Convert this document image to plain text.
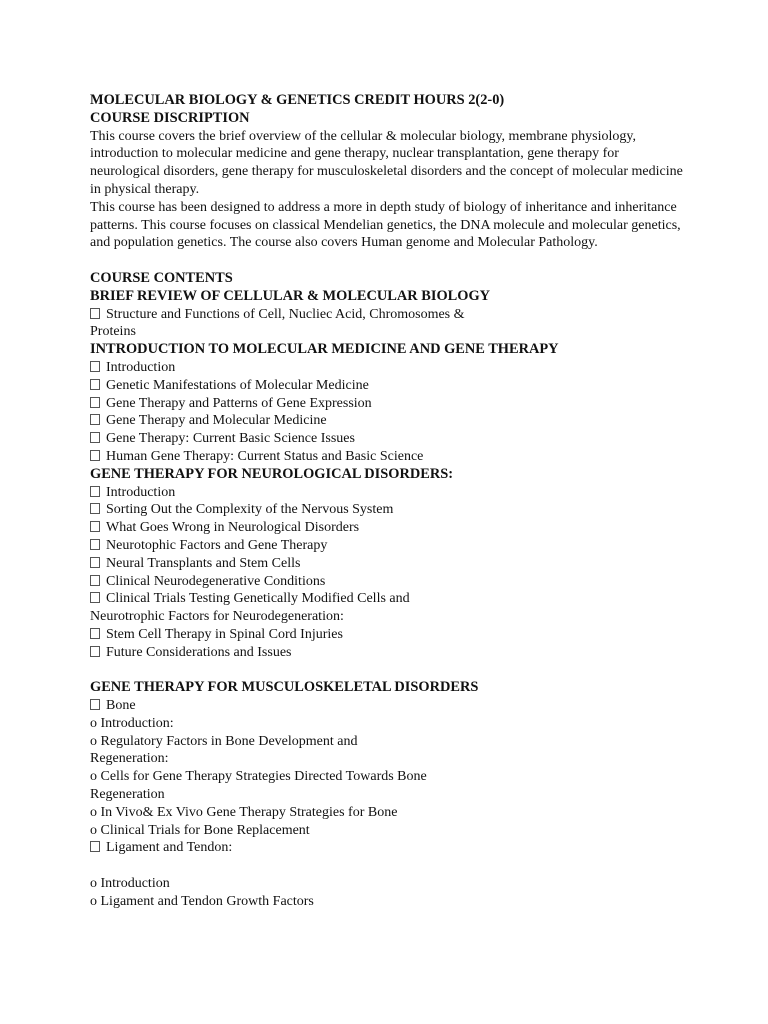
MOLECULAR BIOLOGY & GENETICS CREDIT HOURS 2(2-0)
COURSE DISCRIPTION
This course covers the brief overview of the cellular & molecular biology, membrane physiology, introduction to molecular medicine and gene therapy, nuclear transplantation, gene therapy for neurological disorders, gene therapy for musculoskeletal disorders and the concept of molecular medicine in physical therapy.
This course has been designed to address a more in depth study of biology of inheritance and inheritance patterns. This course focuses on classical Mendelian genetics, the DNA molecule and molecular genetics, and population genetics. The course also covers Human genome and Molecular Pathology.
COURSE CONTENTS
BRIEF REVIEW OF CELLULAR & MOLECULAR BIOLOGY
Structure and Functions of Cell, Nucliec Acid, Chromosomes &
Proteins
INTRODUCTION TO MOLECULAR MEDICINE AND GENE THERAPY
Introduction
Genetic Manifestations of Molecular Medicine
Gene Therapy and Patterns of Gene Expression
Gene Therapy and Molecular Medicine
Gene Therapy: Current Basic Science Issues
Human Gene Therapy: Current Status and Basic Science
GENE THERAPY FOR NEUROLOGICAL DISORDERS:
Introduction
Sorting Out the Complexity of the Nervous System
What Goes Wrong in Neurological Disorders
Neurotophic Factors and Gene Therapy
Neural Transplants and Stem Cells
Clinical Neurodegenerative Conditions
Clinical Trials Testing Genetically Modified Cells and
Neurotrophic Factors for Neurodegeneration:
Stem Cell Therapy in Spinal Cord Injuries
Future Considerations and Issues
GENE THERAPY FOR MUSCULOSKELETAL DISORDERS
Bone
o Introduction:
o Regulatory Factors in Bone Development and
Regeneration:
o Cells for Gene Therapy Strategies Directed Towards Bone
Regeneration
o In Vivo& Ex Vivo Gene Therapy Strategies for Bone
o Clinical Trials for Bone Replacement
Ligament and Tendon:
o Introduction
o Ligament and Tendon Growth Factors
